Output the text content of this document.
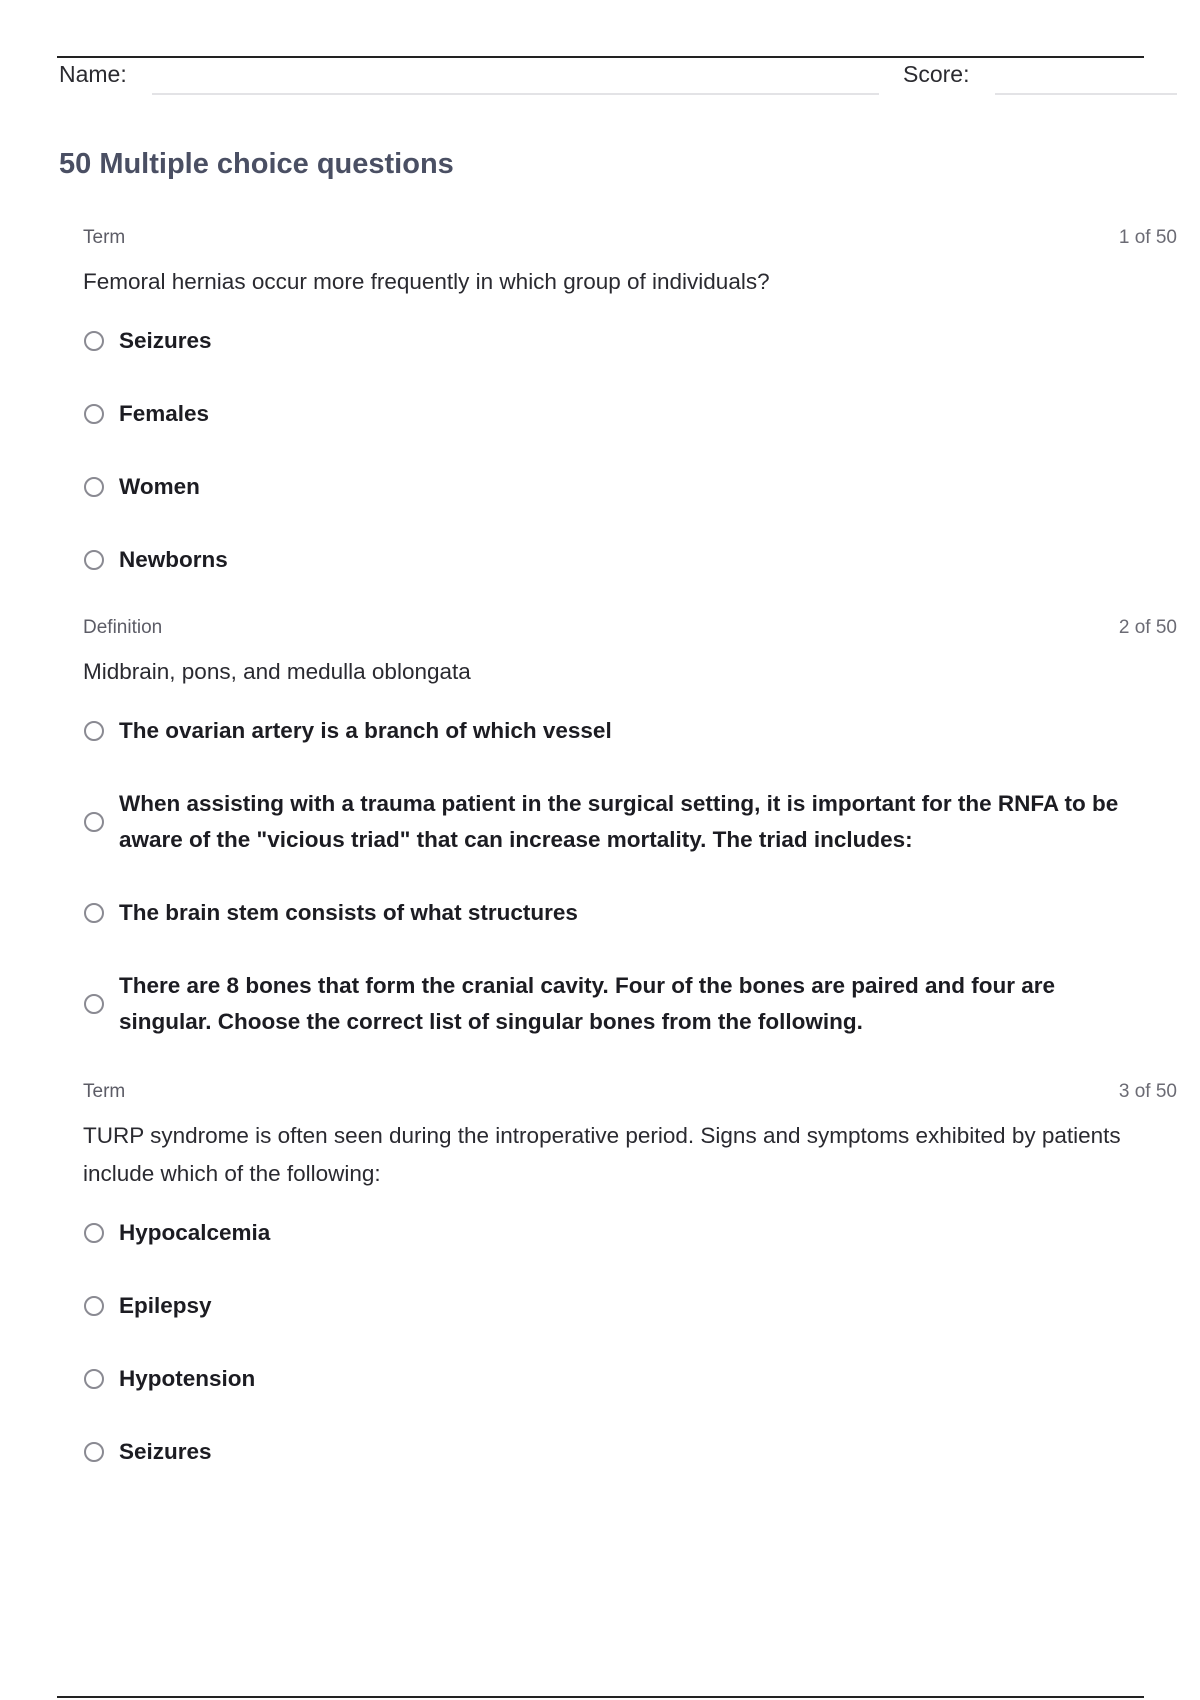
Name:	Score:
50 Multiple choice questions
Term	1 of 50

Femoral hernias occur more frequently in which group of individuals?

Seizures
Females
Women
Newborns
Definition	2 of 50

Midbrain, pons, and medulla oblongata

The ovarian artery is a branch of which vessel
When assisting with a trauma patient in the surgical setting, it is important for the RNFA to be aware of the "vicious triad" that can increase mortality. The triad includes:
The brain stem consists of what structures
There are 8 bones that form the cranial cavity. Four of the bones are paired and four are singular. Choose the correct list of singular bones from the following.
Term	3 of 50

TURP syndrome is often seen during the introperative period. Signs and symptoms exhibited by patients include which of the following:

Hypocalcemia
Epilepsy
Hypotension
Seizures
